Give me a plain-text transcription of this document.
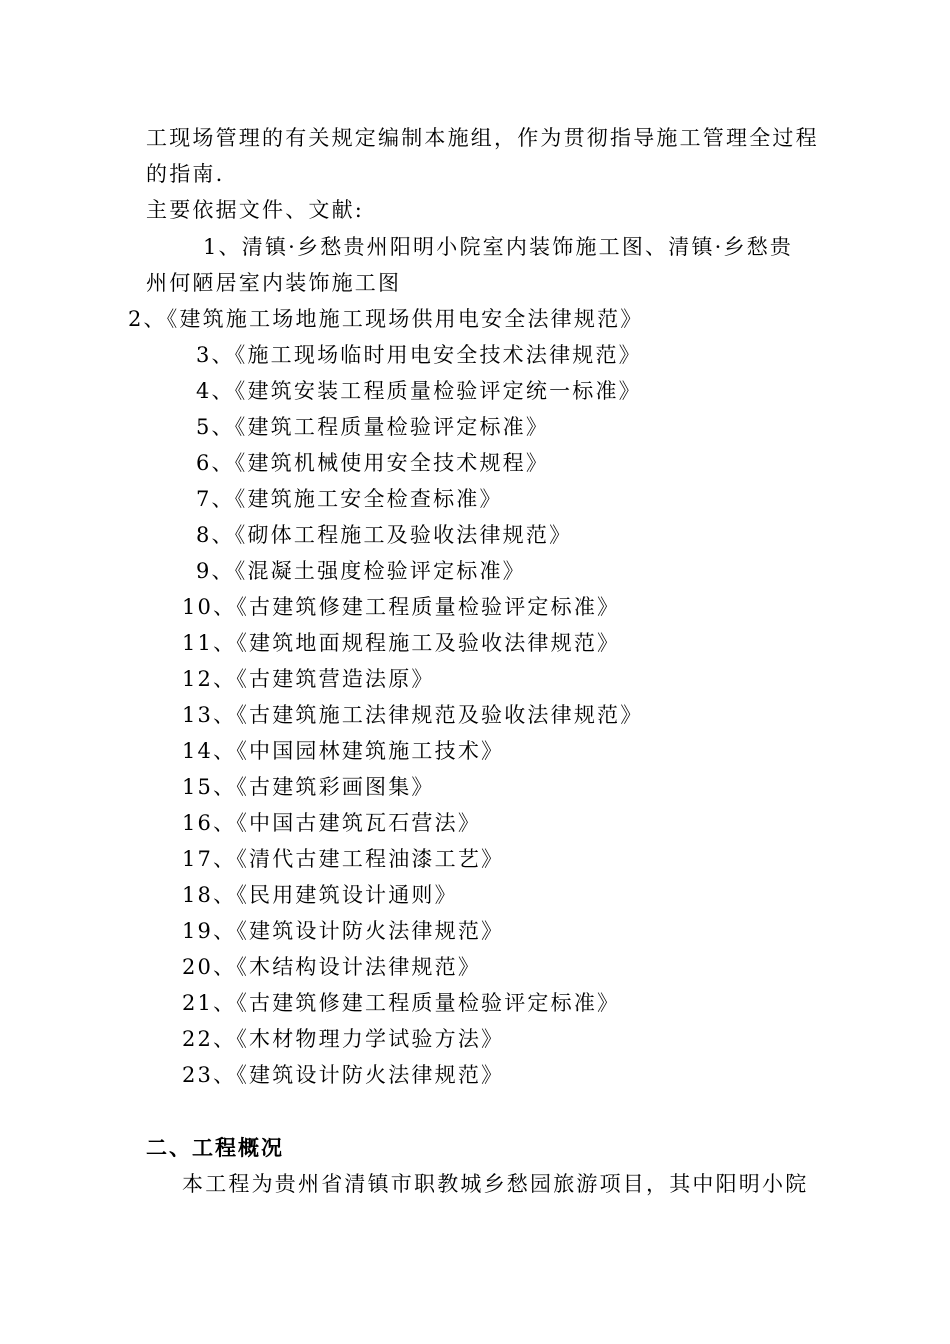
工现场管理的有关规定编制本施组，作为贯彻指导施工管理全过程
的指南.
主要依据文件、文献:
1、清镇·乡愁贵州阳明小院室内装饰施工图、清镇·乡愁贵
州何陋居室内装饰施工图
2、《建筑施工场地施工现场供用电安全法律规范》
3、《施工现场临时用电安全技术法律规范》
4、《建筑安装工程质量检验评定统一标准》
5、《建筑工程质量检验评定标准》
6、《建筑机械使用安全技术规程》
7、《建筑施工安全检查标准》
8、《砌体工程施工及验收法律规范》
9、《混凝土强度检验评定标准》
10、《古建筑修建工程质量检验评定标准》
11、《建筑地面规程施工及验收法律规范》
12、《古建筑营造法原》
13、《古建筑施工法律规范及验收法律规范》
14、《中国园林建筑施工技术》
15、《古建筑彩画图集》
16、《中国古建筑瓦石营法》
17、《清代古建工程油漆工艺》
18、《民用建筑设计通则》
19、《建筑设计防火法律规范》
20、《木结构设计法律规范》
21、《古建筑修建工程质量检验评定标准》
22、《木材物理力学试验方法》
23、《建筑设计防火法律规范》
二、工程概况
本工程为贵州省清镇市职教城乡愁园旅游项目，其中阳明小院
